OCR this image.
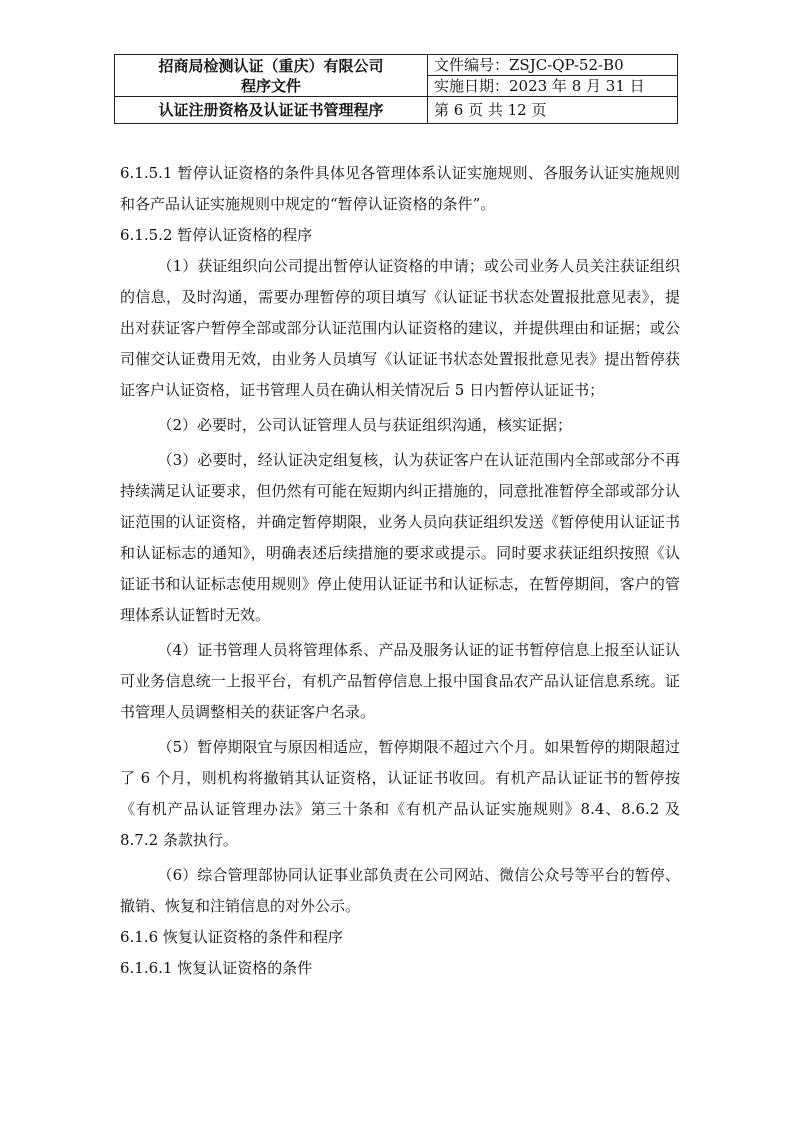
招商局检测认证（重庆）有限公司
程序文件	文件编号：ZSJC-QP-52-B0
	实施日期：2023 年 8 月 31 日
认证注册资格及认证证书管理程序	第 6 页 共 12 页

6.1.5.1 暂停认证资格的条件具体见各管理体系认证实施规则、各服务认证实施规则和各产品认证实施规则中规定的“暂停认证资格的条件”。

6.1.5.2 暂停认证资格的程序

（1）获证组织向公司提出暂停认证资格的申请；或公司业务人员关注获证组织的信息，及时沟通，需要办理暂停的项目填写《认证证书状态处置报批意见表》，提出对获证客户暂停全部或部分认证范围内认证资格的建议，并提供理由和证据；或公司催交认证费用无效，由业务人员填写《认证证书状态处置报批意见表》提出暂停获证客户认证资格，证书管理人员在确认相关情况后 5 日内暂停认证证书；

（2）必要时，公司认证管理人员与获证组织沟通，核实证据；

（3）必要时，经认证决定组复核，认为获证客户在认证范围内全部或部分不再持续满足认证要求，但仍然有可能在短期内纠正措施的，同意批准暂停全部或部分认证范围的认证资格，并确定暂停期限，业务人员向获证组织发送《暂停使用认证证书和认证标志的通知》，明确表述后续措施的要求或提示。同时要求获证组织按照《认证证书和认证标志使用规则》停止使用认证证书和认证标志，在暂停期间，客户的管理体系认证暂时无效。

（4）证书管理人员将管理体系、产品及服务认证的证书暂停信息上报至认证认可业务信息统一上报平台，有机产品暂停信息上报中国食品农产品认证信息系统。证书管理人员调整相关的获证客户名录。

（5）暂停期限宜与原因相适应，暂停期限不超过六个月。如果暂停的期限超过了 6 个月，则机构将撤销其认证资格，认证证书收回。有机产品认证证书的暂停按《有机产品认证管理办法》第三十条和《有机产品认证实施规则》8.4、8.6.2 及 8.7.2 条款执行。

（6）综合管理部协同认证事业部负责在公司网站、微信公众号等平台的暂停、撤销、恢复和注销信息的对外公示。

6.1.6 恢复认证资格的条件和程序

6.1.6.1 恢复认证资格的条件
